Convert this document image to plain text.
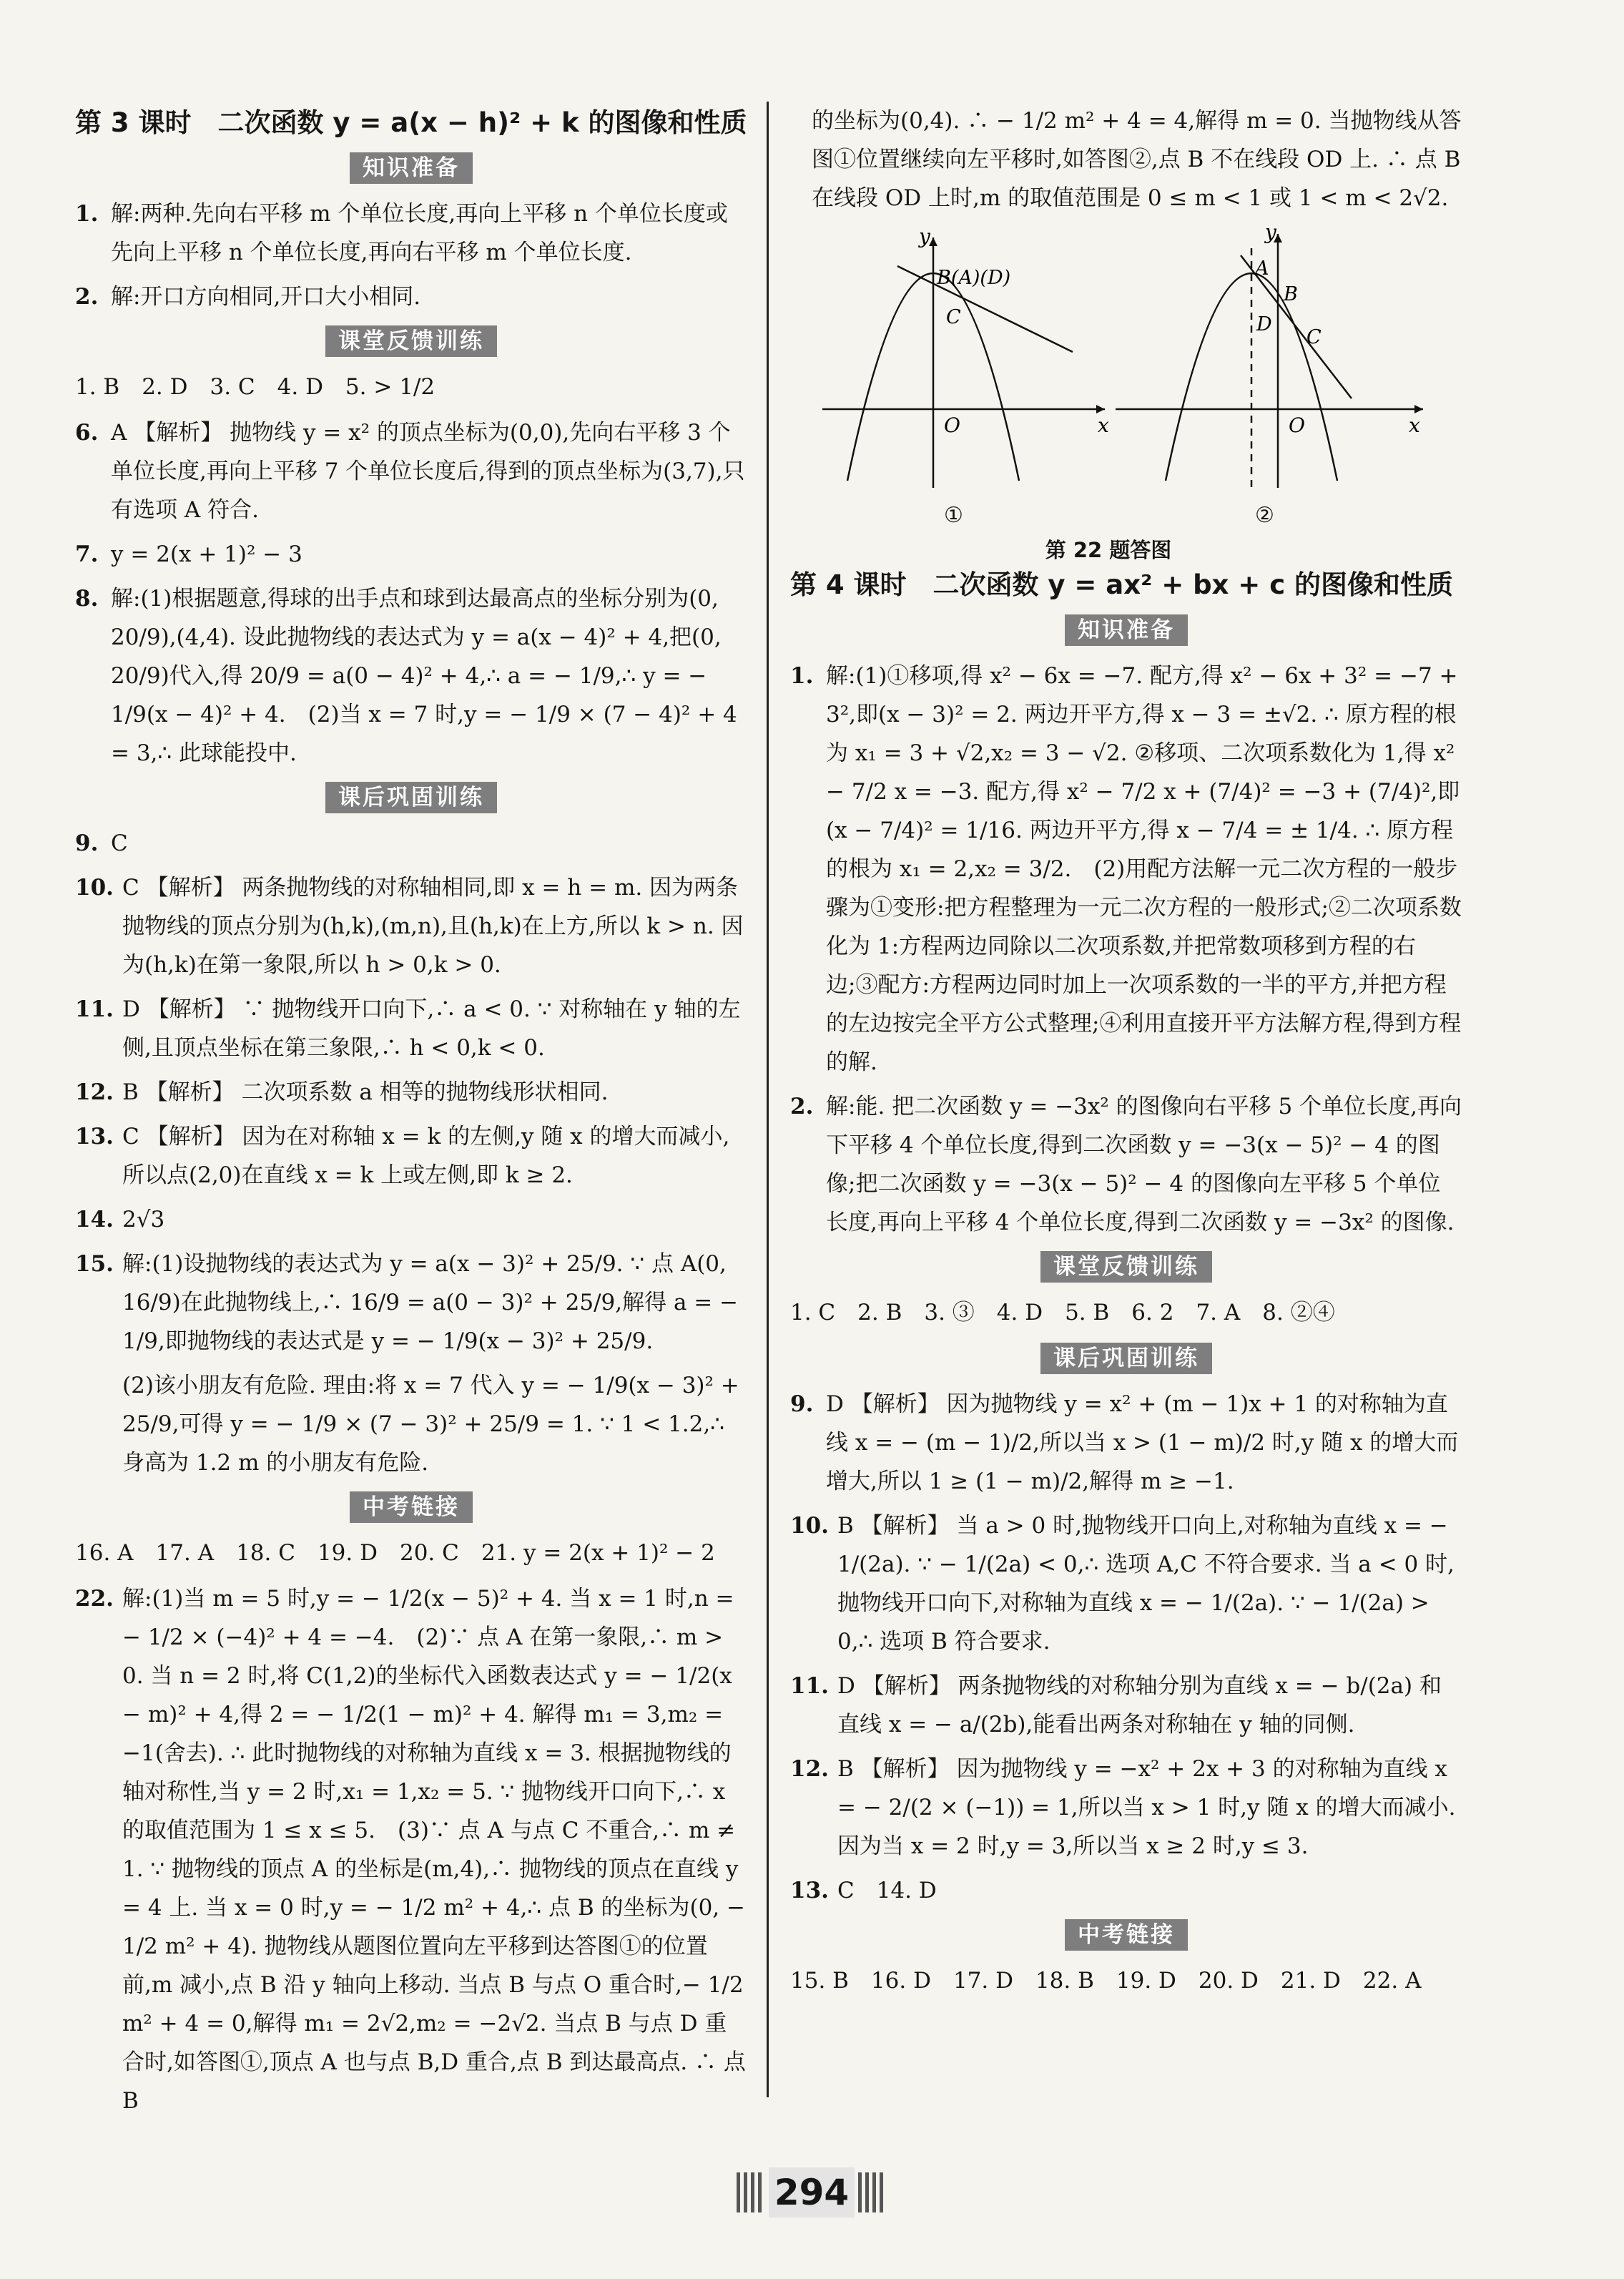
第 3 课时　二次函数 y = a(x − h)² + k 的图像和性质
知识准备
1. 解:两种.先向右平移 m 个单位长度,再向上平移 n 个单位长度或先向上平移 n 个单位长度,再向右平移 m 个单位长度.
2. 解:开口方向相同,开口大小相同.
课堂反馈训练
1. B　2. D　3. C　4. D　5. > 1/2
6. A 【解析】 抛物线 y = x² 的顶点坐标为(0,0),先向右平移 3 个单位长度,再向上平移 7 个单位长度后,得到的顶点坐标为(3,7),只有选项 A 符合.
7. y = 2(x + 1)² − 3
8. 解:(1)根据题意,得球的出手点和球到达最高点的坐标分别为(0, 20/9),(4,4). 设此抛物线的表达式为 y = a(x − 4)² + 4,把(0, 20/9)代入,得 20/9 = a(0 − 4)² + 4,∴ a = − 1/9,∴ y = − 1/9(x − 4)² + 4.　(2)当 x = 7 时,y = − 1/9 × (7 − 4)² + 4 = 3,∴ 此球能投中.
课后巩固训练
9. C
10. C 【解析】 两条抛物线的对称轴相同,即 x = h = m. 因为两条抛物线的顶点分别为(h,k),(m,n),且(h,k)在上方,所以 k > n. 因为(h,k)在第一象限,所以 h > 0,k > 0.
11. D 【解析】 ∵ 抛物线开口向下,∴ a < 0. ∵ 对称轴在 y 轴的左侧,且顶点坐标在第三象限,∴ h < 0,k < 0.
12. B 【解析】 二次项系数 a 相等的抛物线形状相同.
13. C 【解析】 因为在对称轴 x = k 的左侧,y 随 x 的增大而减小,所以点(2,0)在直线 x = k 上或左侧,即 k ≥ 2.
14. 2√3
15. 解:(1)设抛物线的表达式为 y = a(x − 3)² + 25/9. ∵ 点 A(0, 16/9)在此抛物线上,∴ 16/9 = a(0 − 3)² + 25/9,解得 a = − 1/9,即抛物线的表达式是 y = − 1/9(x − 3)² + 25/9.
(2)该小朋友有危险. 理由:将 x = 7 代入 y = − 1/9(x − 3)² + 25/9,可得 y = − 1/9 × (7 − 3)² + 25/9 = 1. ∵ 1 < 1.2,∴ 身高为 1.2 m 的小朋友有危险.
中考链接
16. A　17. A　18. C　19. D　20. C　21. y = 2(x + 1)² − 2
22. 解:(1)当 m = 5 时,y = − 1/2(x − 5)² + 4. 当 x = 1 时,n = − 1/2 × (−4)² + 4 = −4.　(2)∵ 点 A 在第一象限,∴ m > 0. 当 n = 2 时,将 C(1,2)的坐标代入函数表达式 y = − 1/2(x − m)² + 4,得 2 = − 1/2(1 − m)² + 4. 解得 m₁ = 3,m₂ = −1(舍去). ∴ 此时抛物线的对称轴为直线 x = 3. 根据抛物线的轴对称性,当 y = 2 时,x₁ = 1,x₂ = 5. ∵ 抛物线开口向下,∴ x 的取值范围为 1 ≤ x ≤ 5.　(3)∵ 点 A 与点 C 不重合,∴ m ≠ 1. ∵ 抛物线的顶点 A 的坐标是(m,4),∴ 抛物线的顶点在直线 y = 4 上. 当 x = 0 时,y = − 1/2 m² + 4,∴ 点 B 的坐标为(0, − 1/2 m² + 4). 抛物线从题图位置向左平移到达答图①的位置前,m 减小,点 B 沿 y 轴向上移动. 当点 B 与点 O 重合时,− 1/2 m² + 4 = 0,解得 m₁ = 2√2,m₂ = −2√2. 当点 B 与点 D 重合时,如答图①,顶点 A 也与点 B,D 重合,点 B 到达最高点. ∴ 点 B
的坐标为(0,4). ∴ − 1/2 m² + 4 = 4,解得 m = 0. 当抛物线从答图①位置继续向左平移时,如答图②,点 B 不在线段 OD 上. ∴ 点 B 在线段 OD 上时,m 的取值范围是 0 ≤ m < 1 或 1 < m < 2√2.
y
x
O
B(A)(D)
C
y
x
O
A
B
D
C
①	②
第 22 题答图
第 4 课时　二次函数 y = ax² + bx + c 的图像和性质
知识准备
1. 解:(1)①移项,得 x² − 6x = −7. 配方,得 x² − 6x + 3² = −7 + 3²,即(x − 3)² = 2. 两边开平方,得 x − 3 = ±√2. ∴ 原方程的根为 x₁ = 3 + √2,x₂ = 3 − √2. ②移项、二次项系数化为 1,得 x² − 7/2 x = −3. 配方,得 x² − 7/2 x + (7/4)² = −3 + (7/4)²,即(x − 7/4)² = 1/16. 两边开平方,得 x − 7/4 = ± 1/4. ∴ 原方程的根为 x₁ = 2,x₂ = 3/2.　(2)用配方法解一元二次方程的一般步骤为①变形:把方程整理为一元二次方程的一般形式;②二次项系数化为 1:方程两边同除以二次项系数,并把常数项移到方程的右边;③配方:方程两边同时加上一次项系数的一半的平方,并把方程的左边按完全平方公式整理;④利用直接开平方法解方程,得到方程的解.
2. 解:能. 把二次函数 y = −3x² 的图像向右平移 5 个单位长度,再向下平移 4 个单位长度,得到二次函数 y = −3(x − 5)² − 4 的图像;把二次函数 y = −3(x − 5)² − 4 的图像向左平移 5 个单位长度,再向上平移 4 个单位长度,得到二次函数 y = −3x² 的图像.
课堂反馈训练
1. C　2. B　3. ③　4. D　5. B　6. 2　7. A　8. ②④
课后巩固训练
9. D 【解析】 因为抛物线 y = x² + (m − 1)x + 1 的对称轴为直线 x = − (m − 1)/2,所以当 x > (1 − m)/2 时,y 随 x 的增大而增大,所以 1 ≥ (1 − m)/2,解得 m ≥ −1.
10. B 【解析】 当 a > 0 时,抛物线开口向上,对称轴为直线 x = − 1/(2a). ∵ − 1/(2a) < 0,∴ 选项 A,C 不符合要求. 当 a < 0 时,抛物线开口向下,对称轴为直线 x = − 1/(2a). ∵ − 1/(2a) > 0,∴ 选项 B 符合要求.
11. D 【解析】 两条抛物线的对称轴分别为直线 x = − b/(2a) 和直线 x = − a/(2b),能看出两条对称轴在 y 轴的同侧.
12. B 【解析】 因为抛物线 y = −x² + 2x + 3 的对称轴为直线 x = − 2/(2 × (−1)) = 1,所以当 x > 1 时,y 随 x 的增大而减小. 因为当 x = 2 时,y = 3,所以当 x ≥ 2 时,y ≤ 3.
13. C　14. D
中考链接
15. B　16. D　17. D　18. B　19. D　20. D　21. D　22. A
294
